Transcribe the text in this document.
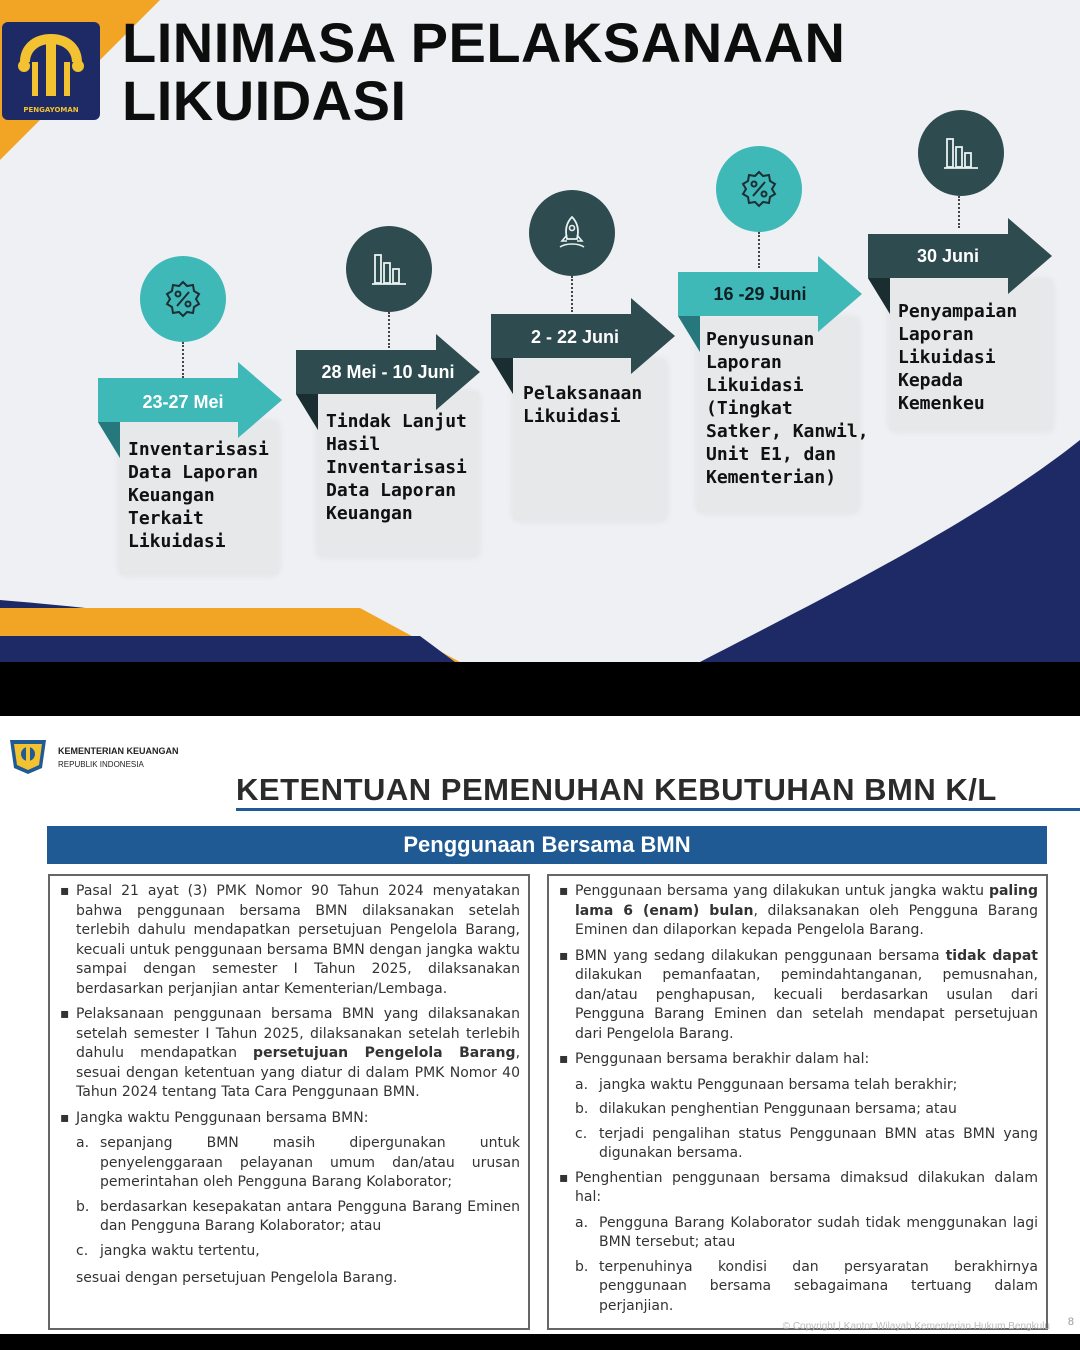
PENGAYOMAN
LINIMASA PELAKSANAAN
LIKUIDASI
23-27 Mei
Inventarisasi
Data Laporan
Keuangan
Terkait
Likuidasi
28 Mei - 10 Juni
Tindak Lanjut
Hasil
Inventarisasi
Data Laporan
Keuangan
2 - 22 Juni
Pelaksanaan
Likuidasi
16 -29 Juni
Penyusunan
Laporan
Likuidasi
(Tingkat
Satker, Kanwil,
Unit E1, dan
Kementerian)
30 Juni
Penyampaian
Laporan
Likuidasi
Kepada
Kemenkeu
KEMENTERIAN KEUANGAN
REPUBLIK INDONESIA
KETENTUAN PEMENUHAN KEBUTUHAN BMN K/L
Penggunaan Bersama BMN

▪ Pasal 21 ayat (3) PMK Nomor 90 Tahun 2024 menyatakan bahwa penggunaan bersama BMN dilaksanakan setelah terlebih dahulu mendapatkan persetujuan Pengelola Barang, kecuali untuk penggunaan bersama BMN dengan jangka waktu sampai dengan semester I Tahun 2025, dilaksanakan berdasarkan perjanjian antar Kementerian/Lembaga.

▪ Pelaksanaan penggunaan bersama BMN yang dilaksanakan setelah semester I Tahun 2025, dilaksanakan setelah terlebih dahulu mendapatkan persetujuan Pengelola Barang, sesuai dengan ketentuan yang diatur di dalam PMK Nomor 40 Tahun 2024 tentang Tata Cara Penggunaan BMN.

▪ Jangka waktu Penggunaan bersama BMN:

a. sepanjang BMN masih dipergunakan untuk penyelenggaraan pelayanan umum dan/atau urusan pemerintahan oleh Pengguna Barang Kolaborator;

b. berdasarkan kesepakatan antara Pengguna Barang Eminen dan Pengguna Barang Kolaborator; atau

c. jangka waktu tertentu,

sesuai dengan persetujuan Pengelola Barang.

▪ Penggunaan bersama yang dilakukan untuk jangka waktu paling lama 6 (enam) bulan, dilaksanakan oleh Pengguna Barang Eminen dan dilaporkan kepada Pengelola Barang.

▪ BMN yang sedang dilakukan penggunaan bersama tidak dapat dilakukan pemanfaatan, pemindahtanganan, pemusnahan, dan/atau penghapusan, kecuali berdasarkan usulan dari Pengguna Barang Eminen dan setelah mendapat persetujuan dari Pengelola Barang.

▪ Penggunaan bersama berakhir dalam hal:

a. jangka waktu Penggunaan bersama telah berakhir;

b. dilakukan penghentian Penggunaan bersama; atau

c. terjadi pengalihan status Penggunaan BMN atas BMN yang digunakan bersama.

▪ Penghentian penggunaan bersama dimaksud dilakukan dalam hal:

a. Pengguna Barang Kolaborator sudah tidak menggunakan lagi BMN tersebut; atau

b. terpenuhinya kondisi dan persyaratan berakhirnya penggunaan bersama sebagaimana tertuang dalam perjanjian.

8
© Copyright | Kantor Wilayah Kementerian Hukum Bengkulu
